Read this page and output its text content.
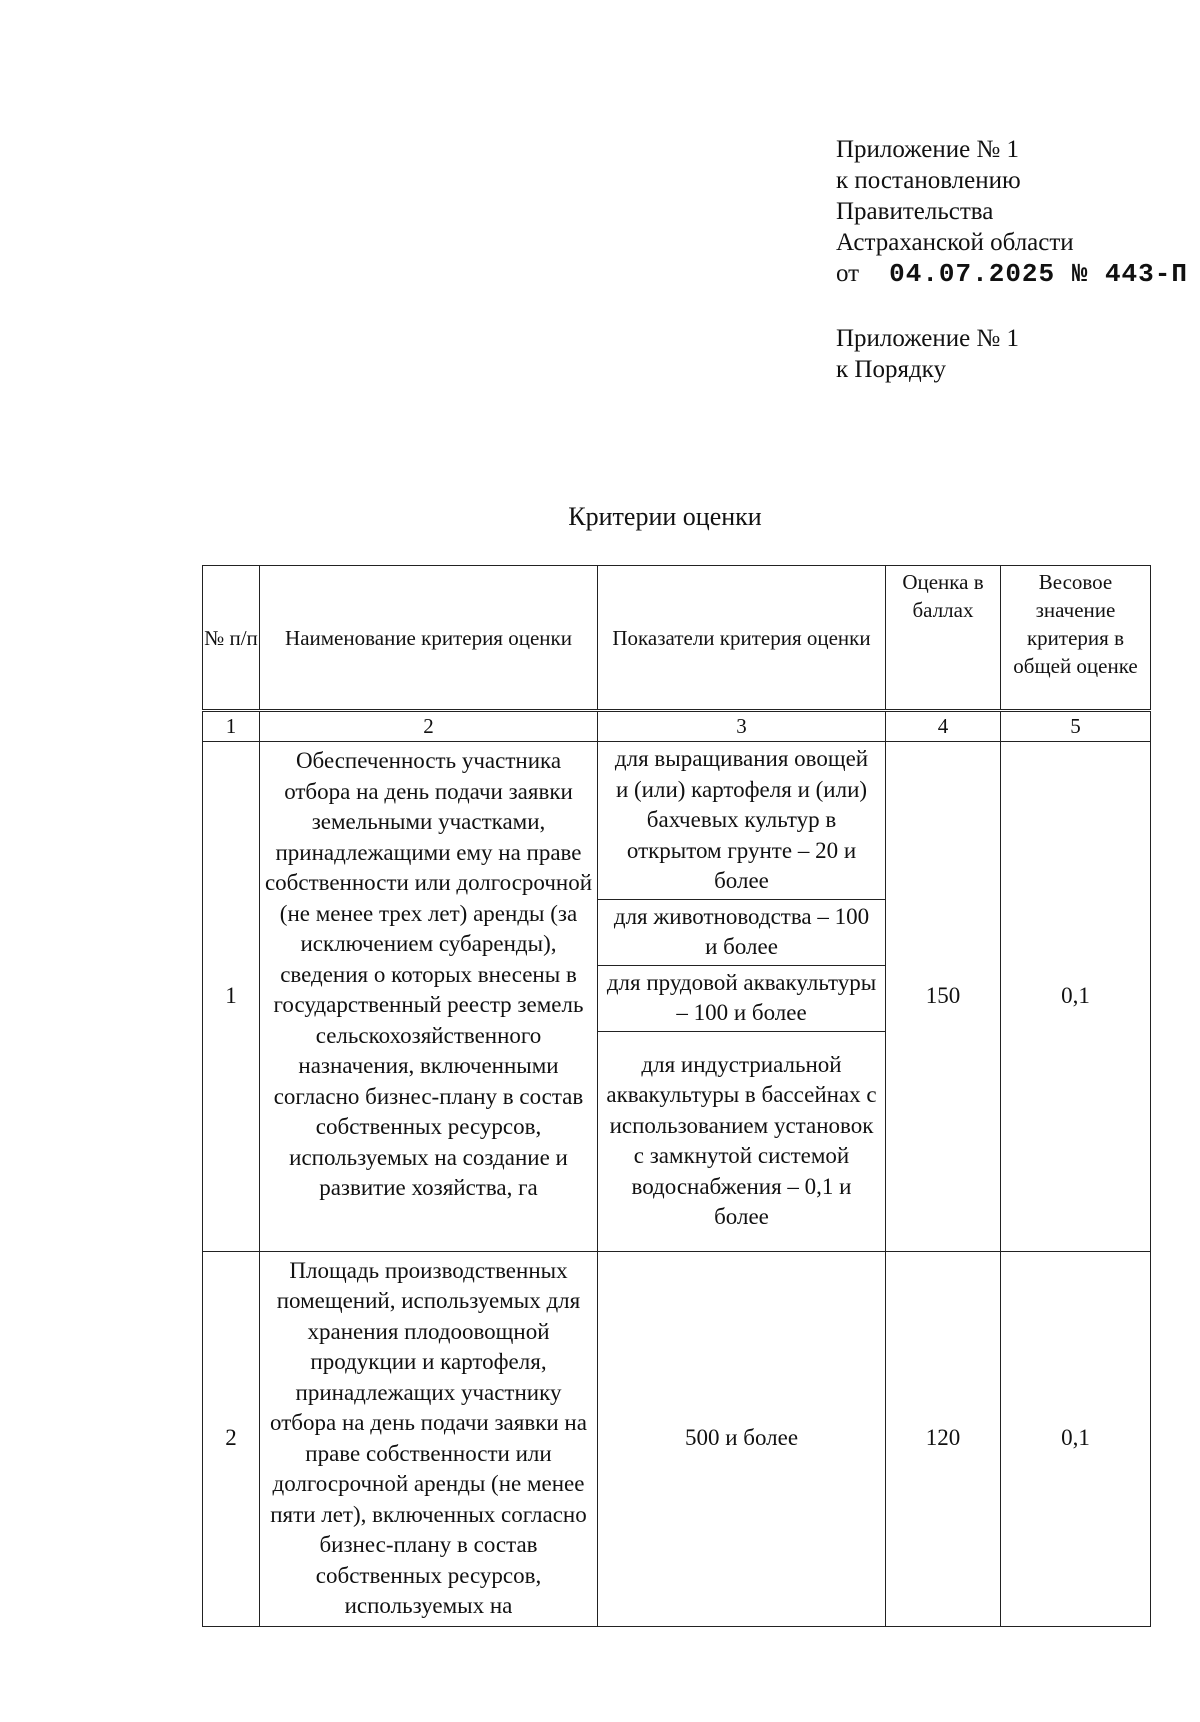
Приложение № 1
к постановлению
Правительства
Астраханской области
от 04.07.2025 № 443-П
Приложение № 1
к Порядку
Критерии оценки
№ п/п	Наименование критерия оценки	Показатели критерия оценки	Оценка в баллах	Весовое значение критерия в общей оценке
1	2	3	4	5
1	Обеспеченность участника отбора на день подачи заявки земельными участками, принадлежащими ему на праве собственности или долгосрочной (не менее трех лет) аренды (за исключением субаренды), сведения о которых внесены в государственный реестр земель сельскохозяйственного назначения, включенными согласно бизнес-плану в состав собственных ресурсов, используемых на создание и развитие хозяйства, га	для выращивания овощей и (или) картофеля и (или) бахчевых культур в открытом грунте – 20 и более	150	0,1
		для животноводства – 100 и более		
		для прудовой аквакультуры – 100 и более		
		для индустриальной аквакультуры в бассейнах с использованием установок с замкнутой системой водоснабжения – 0,1 и более		
2	Площадь производственных помещений, используемых для хранения плодоовощной продукции и картофеля, принадлежащих участнику отбора на день подачи заявки на праве собственности или долгосрочной аренды (не менее пяти лет), включенных согласно бизнес-плану в состав собственных ресурсов, используемых на	500 и более	120	0,1
